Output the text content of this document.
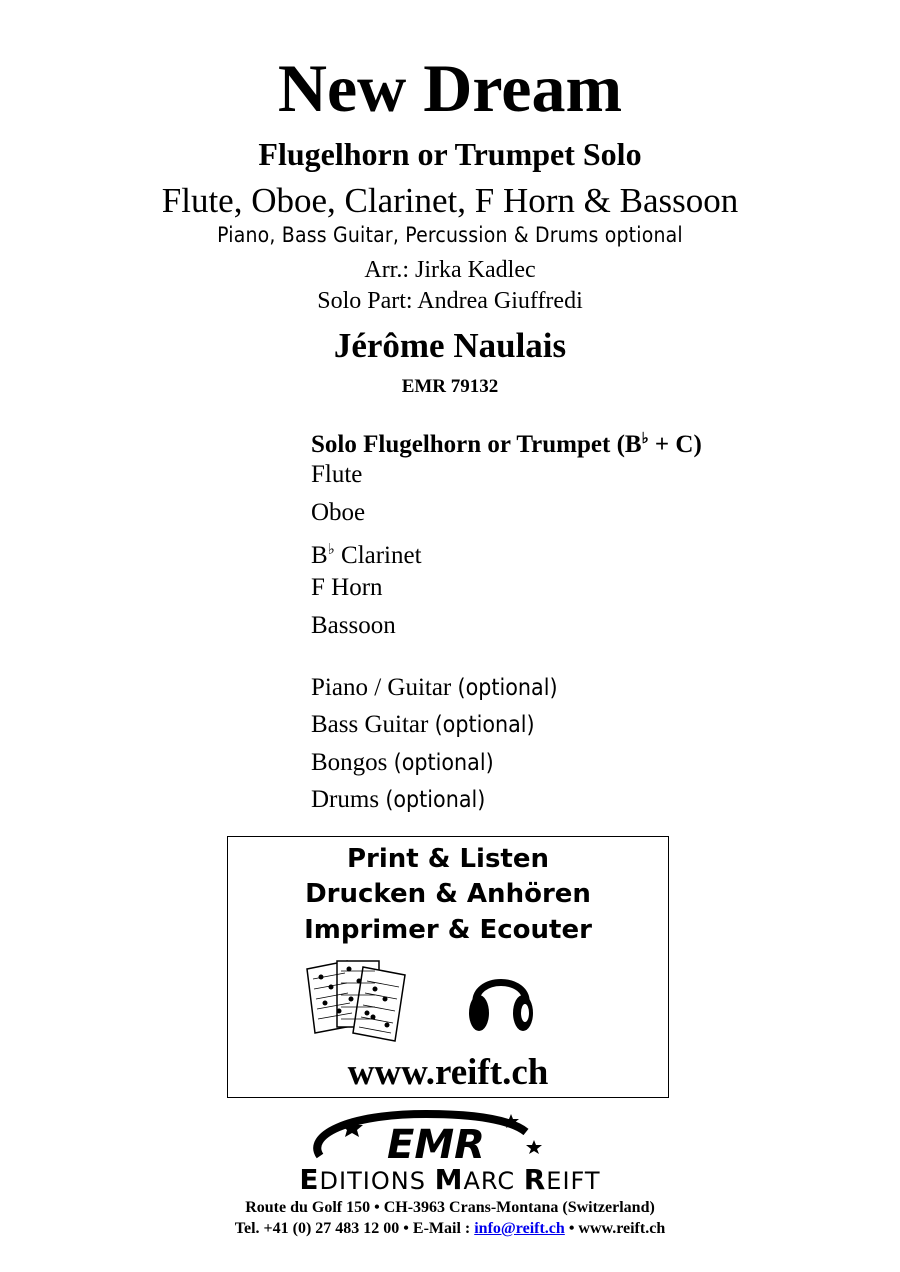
New Dream
Flugelhorn or Trumpet Solo
Flute, Oboe, Clarinet, F Horn & Bassoon
Piano, Bass Guitar, Percussion & Drums optional
Arr.: Jirka Kadlec
Solo Part: Andrea Giuffredi
Jérôme Naulais
EMR 79132
Solo Flugelhorn or Trumpet (B♭ + C)
Flute
Oboe
B♭ Clarinet
F Horn
Bassoon
Piano / Guitar (optional)
Bass Guitar (optional)
Bongos (optional)
Drums (optional)
Print & Listen
Drucken & Anhören
Imprimer & Ecouter
www.reift.ch
EMR
EDITIONS MARC REIFT
Route du Golf 150 • CH-3963 Crans-Montana (Switzerland)
Tel. +41 (0) 27 483 12 00 • E-Mail : info@reift.ch • www.reift.ch
